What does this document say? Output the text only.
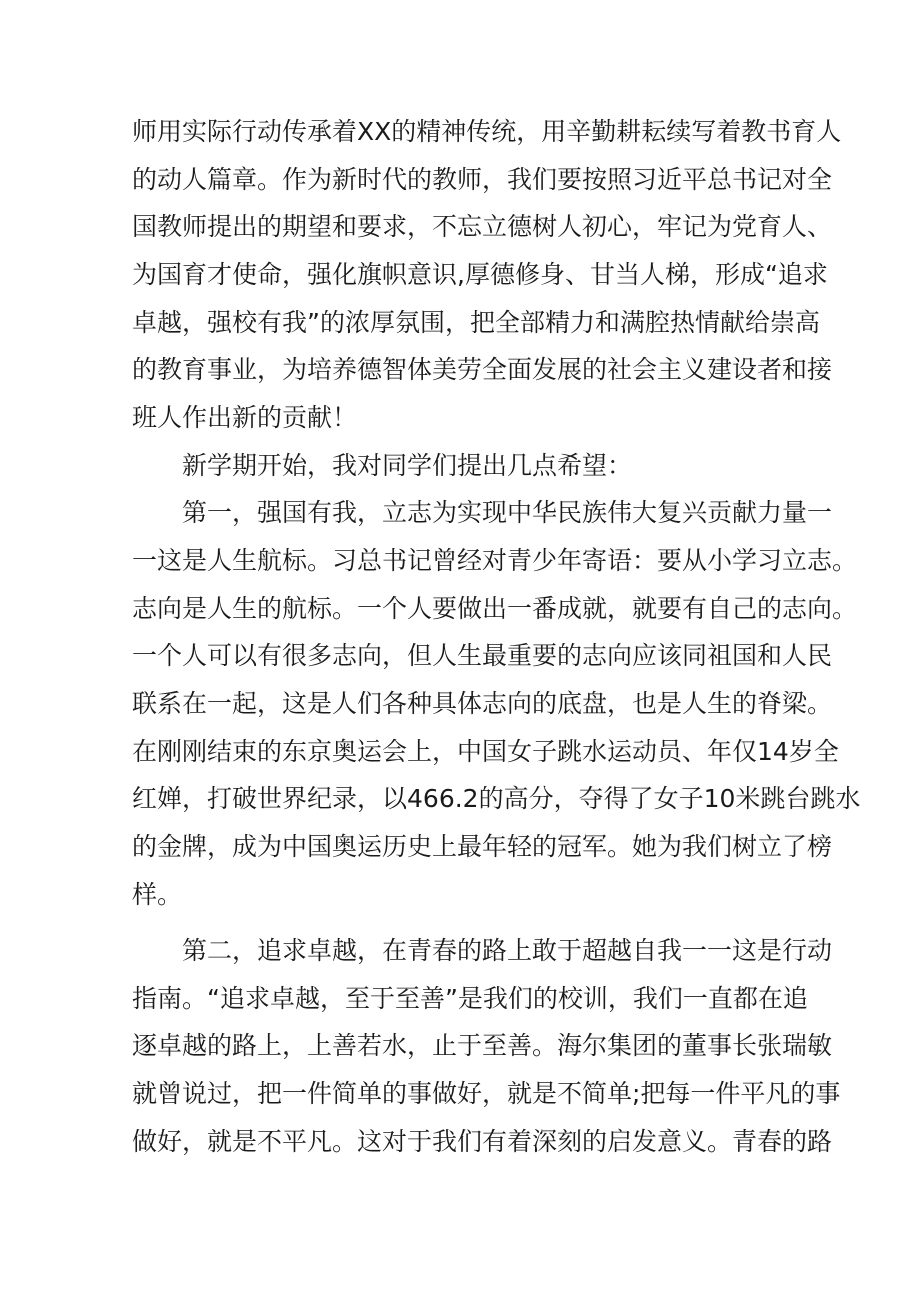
师用实际行动传承着XX的精神传统，用辛勤耕耘续写着教书育人
的动人篇章。作为新时代的教师，我们要按照习近平总书记对全
国教师提出的期望和要求，不忘立德树人初心，牢记为党育人、
为国育才使命，强化旗帜意识,厚德修身、甘当人梯，形成“追求
卓越，强校有我”的浓厚氛围，把全部精力和满腔热情献给崇高
的教育事业，为培养德智体美劳全面发展的社会主义建设者和接
班人作出新的贡献！
新学期开始，我对同学们提出几点希望：
第一，强国有我，立志为实现中华民族伟大复兴贡献力量一
一这是人生航标。习总书记曾经对青少年寄语：要从小学习立志。
志向是人生的航标。一个人要做出一番成就，就要有自己的志向。
一个人可以有很多志向，但人生最重要的志向应该同祖国和人民
联系在一起，这是人们各种具体志向的底盘，也是人生的脊梁。
在刚刚结束的东京奥运会上，中国女子跳水运动员、年仅14岁全
红婵，打破世界纪录，以466.2的高分，夺得了女子10米跳台跳水
的金牌，成为中国奥运历史上最年轻的冠军。她为我们树立了榜
样。
第二，追求卓越，在青春的路上敢于超越自我一一这是行动
指南。“追求卓越，至于至善”是我们的校训，我们一直都在追
逐卓越的路上，上善若水，止于至善。海尔集团的董事长张瑞敏
就曾说过，把一件简单的事做好，就是不简单;把每一件平凡的事
做好，就是不平凡。这对于我们有着深刻的启发意义。青春的路
